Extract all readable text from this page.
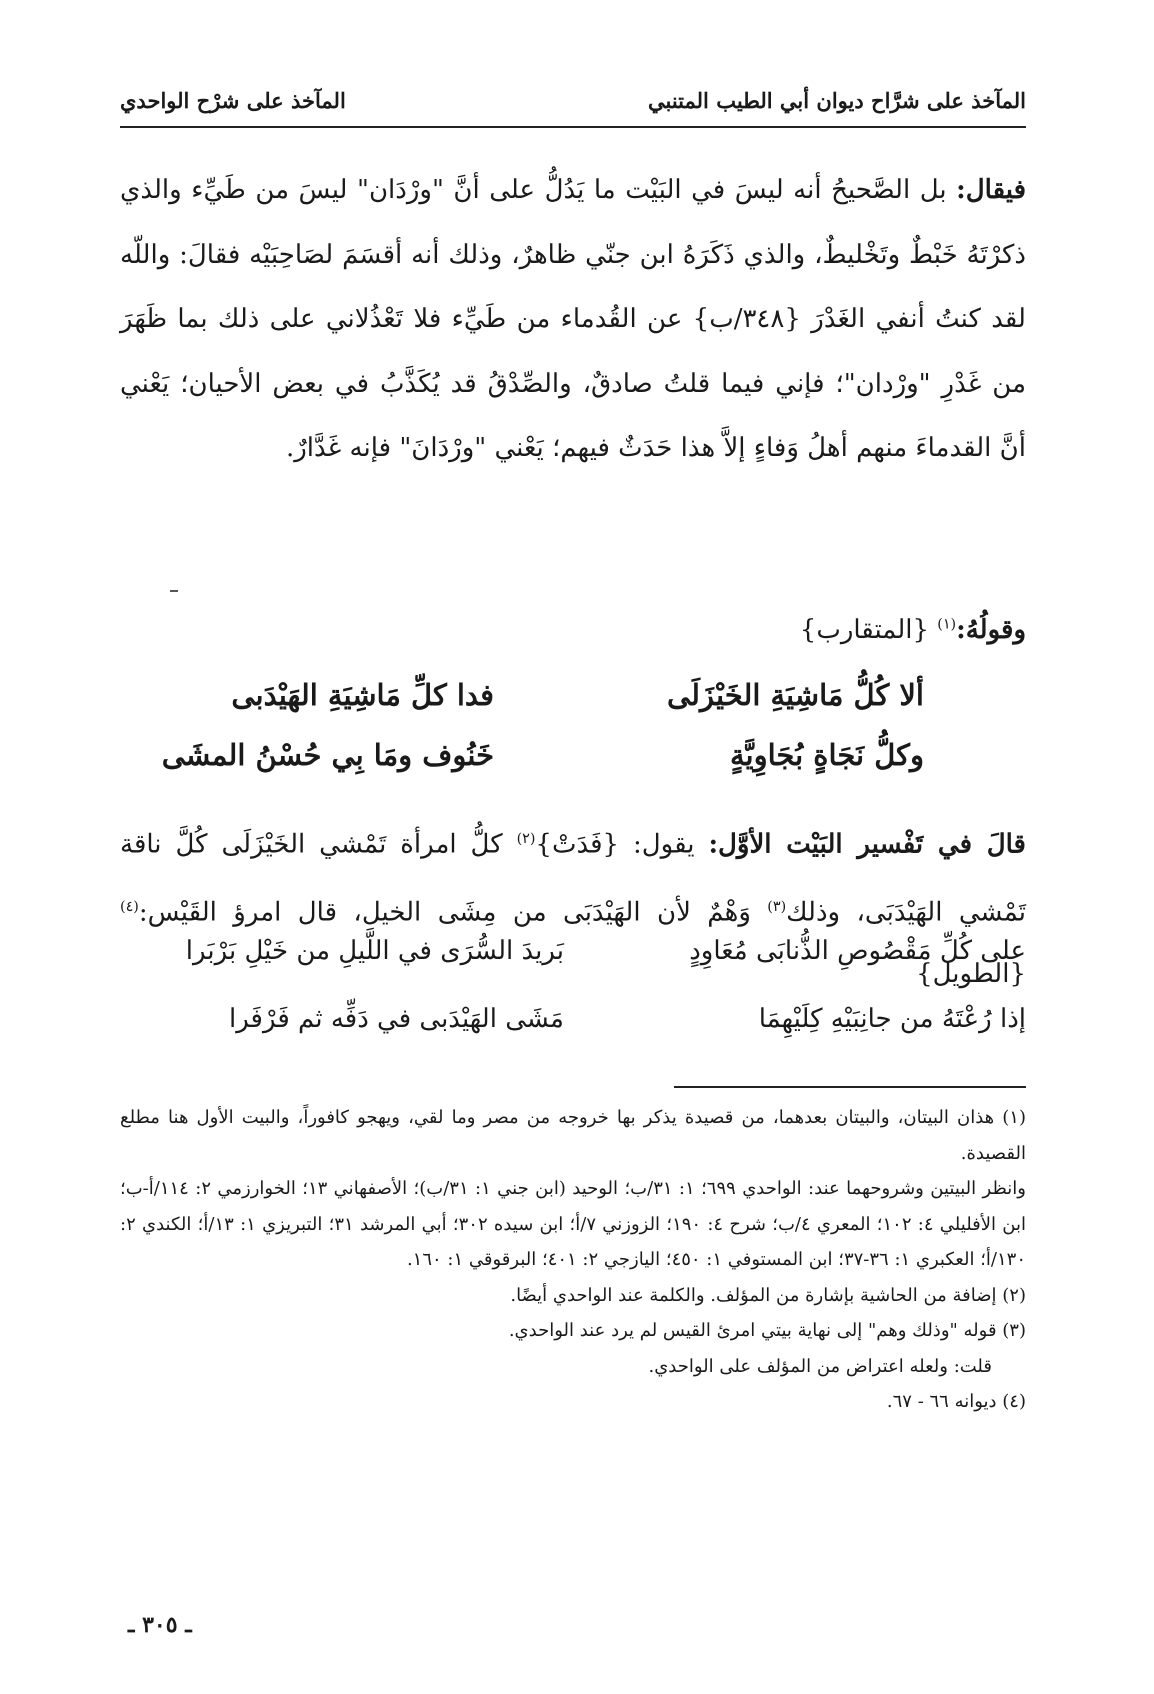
المآخذ على شرَّاح ديوان أبي الطيب المتنبي
المآخذ على شرْح الواحدي

فيقال: بل الصَّحيحُ أنه ليسَ في البَيْت ما يَدُلُّ على أنَّ "ورْدَان" ليسَ من طَيِّء والذي ذكرْتَهُ خَبْطٌ وتَخْليطٌ، والذي ذَكَرَهُ ابن جنّي ظاهرٌ، وذلك أنه أقسَمَ لصَاحِبَيْه فقالَ: واللّه لقد كنتُ أنفي الغَدْرَ {٣٤٨/ب} عن القُدماء من طَيِّء فلا تَعْذُلاني على ذلك بما ظَهَرَ من غَدْرِ "ورْدان"؛ فإني فيما قلتُ صادقٌ، والصِّدْقُ قد يُكَذَّبُ في بعض الأحيان؛ يَعْني أنَّ القدماءَ منهم أهلُ وَفاءٍ إلاَّ هذا حَدَثٌ فيهم؛ يَعْني "ورْدَانَ" فإنه غَدَّارٌ.

وقولُهُ:$^{(١)}$ {المتقارب}
ألا كُلُّ مَاشِيَةِ الخَيْزَلَى
فدا كلِّ مَاشِيَةِ الهَيْدَبى
وكلُّ نَجَاةٍ بُجَاوِيَّةٍ
خَنُوف ومَا بِي حُسْنُ المشَى

قالَ في تَفْسير البَيْت الأوَّل: يقول: {فَدَتْ}$^{(٢)}$ كلُّ امرأة تَمْشي الخَيْزَلَى كُلَّ ناقة تَمْشي الهَيْدَبَى، وذلك$^{(٣)}$ وَهْمٌ لأن الهَيْدَبَى من مِشَى الخيل، قال امرؤ القَيْس:$^{(٤)}$ {الطويل}

على كُلِّ مَقْصُوصِ الذُّنابَى مُعَاوِدٍ
بَريدَ السُّرَى في اللَّيلِ من خَيْلِ بَرْبَرا
إذا رُعْتَهُ من جانِبَيْهِ كِلَيْهِمَا
مَشَى الهَيْدَبى في دَفِّه ثم فَرْفَرا

(١) هذان البيتان، والبيتان بعدهما، من قصيدة يذكر بها خروجه من مصر وما لقي، ويهجو كافوراً، والبيت الأول هنا مطلع القصيدة.

وانظر البيتين وشروحهما عند: الواحدي ٦٩٩؛ ١: ٣١/ب؛ الوحيد (ابن جني ١: ٣١/ب)؛ الأصفهاني ١٣؛ الخوارزمي ٢: ١١٤/أ-ب؛ ابن الأفليلي ٤: ١٠٢؛ المعري ٤/ب؛ شرح ٤: ١٩٠؛ الزوزني ٧/أ؛ ابن سيده ٣٠٢؛ أبي المرشد ٣١؛ التبريزي ١: ١٣/أ؛ الكندي ٢: ١٣٠/أ؛ العكبري ١: ٣٦-٣٧؛ ابن المستوفي ١: ٤٥٠؛ اليازجي ٢: ٤٠١؛ البرقوقي ١: ١٦٠.

(٢) إضافة من الحاشية بإشارة من المؤلف. والكلمة عند الواحدي أيضًا.

(٣) قوله "وذلك وهم" إلى نهاية بيتي امرئ القيس لم يرد عند الواحدي.

قلت: ولعله اعتراض من المؤلف على الواحدي.

(٤) ديوانه ٦٦ - ٦٧.

ـ ٣٠٥ ـ
